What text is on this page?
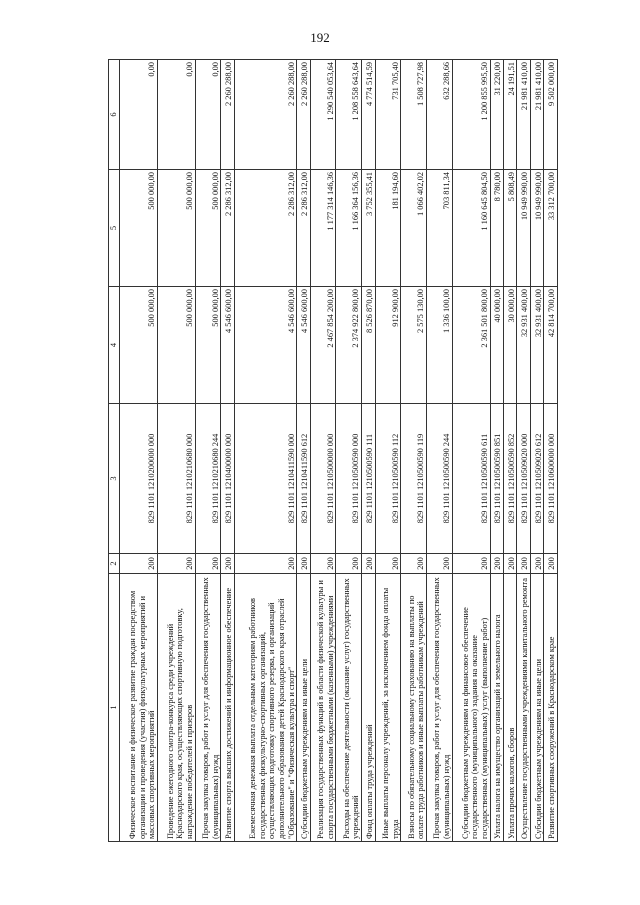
192
1	2	3	4	5	6
Физическое воспитание и физическое развитие граждан посредством организации и проведения (участия) физкультурных мероприятий и массовых спортивных мероприятий	200	829 1101 1210200000 000	500 000,00	500 000,00	0,00
Проведение ежегодного смотра-конкурса среди учреждений Краснодарского края, осуществляющих спортивную подготовку, награждение победителей и призеров	200	829 1101 1210210680 000	500 000,00	500 000,00	0,00
Прочая закупка товаров, работ и услуг для обеспечения государственных (муниципальных) нужд	200	829 1101 1210210680 244	500 000,00	500 000,00	0,00
Развитие спорта высших достижений и информационное обеспечение	200	829 1101 1210400000 000	4 546 600,00	2 286 312,00	2 260 288,00
Ежемесячная денежная выплата отдельным категориям работников государственных физкультурно-спортивных организаций, осуществляющих подготовку спортивного резерва, и организаций дополнительного образования детей Краснодарского края отраслей "Образование" и "Физическая культура и спорт"	200	829 1101 1210411590 000	4 546 600,00	2 286 312,00	2 260 288,00
Субсидии бюджетным учреждениям на иные цели	200	829 1101 1210411590 612	4 546 600,00	2 286 312,00	2 260 288,00
Реализация государственных функций в области физической культуры и спорта государственными бюджетными (казенными) учреждениями	200	829 1101 1210500000 000	2 467 854 200,00	1 177 314 146,36	1 290 540 053,64
Расходы на обеспечение деятельности (оказание услуг) государственных учреждений	200	829 1101 1210500590 000	2 374 922 800,00	1 166 364 156,36	1 208 558 643,64
Фонд оплаты труда учреждений	200	829 1101 1210500590 111	8 526 870,00	3 752 355,41	4 774 514,59
Иные выплаты персоналу учреждений, за исключением фонда оплаты труда	200	829 1101 1210500590 112	912 900,00	181 194,60	731 705,40
Взносы по обязательному социальному страхованию на выплаты по оплате труда работников и иные выплаты работникам учреждений	200	829 1101 1210500590 119	2 575 130,00	1 066 402,02	1 508 727,98
Прочая закупка товаров, работ и услуг для обеспечения государственных (муниципальных) нужд	200	829 1101 1210500590 244	1 336 100,00	703 811,34	632 288,66
Субсидии бюджетным учреждениям на финансовое обеспечение государственного (муниципального) задания на оказание государственных (муниципальных) услуг (выполнение работ)	200	829 1101 1210500590 611	2 361 501 800,00	1 160 645 804,50	1 200 855 995,50
Уплата налога на имущество организаций и земельного налога	200	829 1101 1210500590 851	40 000,00	8 780,00	31 220,00
Уплата прочих налогов, сборов	200	829 1101 1210500590 852	30 000,00	5 808,49	24 191,51
Осуществление государственными учреждениями капитального ремонта	200	829 1101 1210509020 000	32 931 400,00	10 949 990,00	21 981 410,00
Субсидии бюджетным учреждениям на иные цели	200	829 1101 1210509020 612	32 931 400,00	10 949 990,00	21 981 410,00
Развитие спортивных сооружений в Краснодарском крае	200	829 1101 1210600000 000	42 814 700,00	33 312 700,00	9 502 000,00
